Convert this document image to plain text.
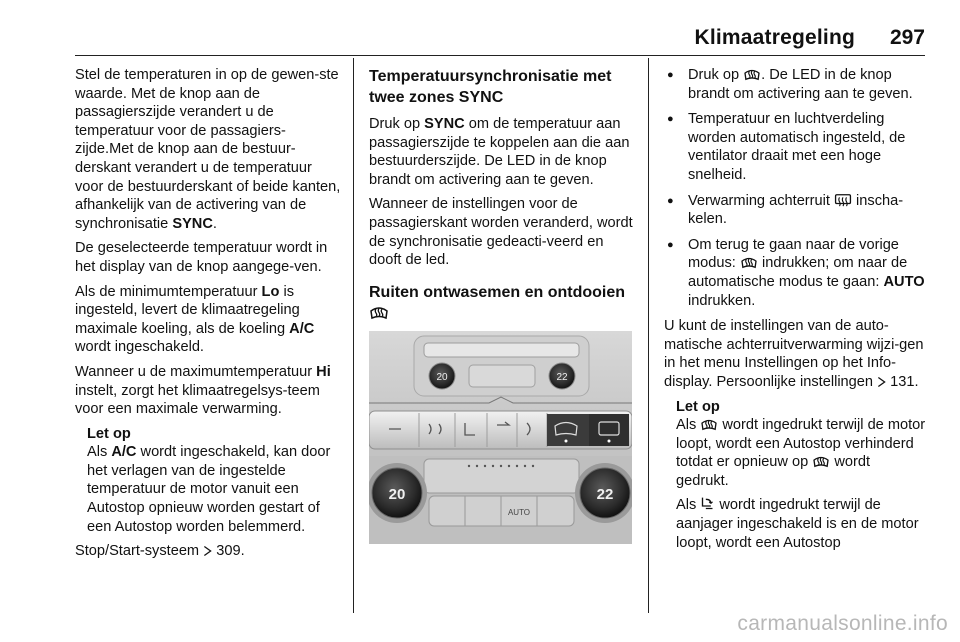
Klimaatregeling 297

Stel de temperaturen in op de gewen-ste waarde. Met de knop aan de passagierszijde verandert u de temperatuur voor de passagiers-zijde.Met de knop aan de bestuur-derskant verandert u de temperatuur voor de bestuurderskant of beide kanten, afhankelijk van de activering van de synchronisatie SYNC.

De geselecteerde temperatuur wordt in het display van de knop aangege-ven.

Als de minimumtemperatuur Lo is ingesteld, levert de klimaatregeling maximale koeling, als de koeling A/C wordt ingeschakeld.

Wanneer u de maximumtemperatuur Hi instelt, zorgt het klimaatregelsys-teem voor een maximale verwarming.

Let op
Als A/C wordt ingeschakeld, kan door het verlagen van de ingestelde temperatuur de motor vanuit een Autostop opnieuw worden gestart of een Autostop worden belemmerd.

Stop/Start-systeem  309.

Temperatuursynchronisatie met twee zones SYNC

Druk op SYNC om de temperatuur aan passagierszijde te koppelen aan die aan bestuurderszijde. De LED in de knop brandt om activering aan te geven.

Wanneer de instellingen voor de passagierskant worden veranderd, wordt de synchronisatie gedeacti-veerd en dooft de led.

Ruiten ontwasemen en ontdooien
20	22
AUTO
20	22
● Druk op . De LED in de knop brandt om activering aan te geven.
● Temperatuur en luchtverdeling worden automatisch ingesteld, de ventilator draait met een hoge snelheid.
● Verwarming achterruit  inscha-kelen.
● Om terug te gaan naar de vorige modus:  indrukken; om naar de automatische modus te gaan: AUTO indrukken.

U kunt de instellingen van de auto-matische achterruitverwarming wijzi-gen in het menu Instellingen op het Info-display. Persoonlijke instellingen  131.

Let op

Als  wordt ingedrukt terwijl de motor loopt, wordt een Autostop verhinderd totdat er opnieuw op  wordt gedrukt.

Als  wordt ingedrukt terwijl de aanjager ingeschakeld is en de motor loopt, wordt een Autostop

carmanualsonline.info
